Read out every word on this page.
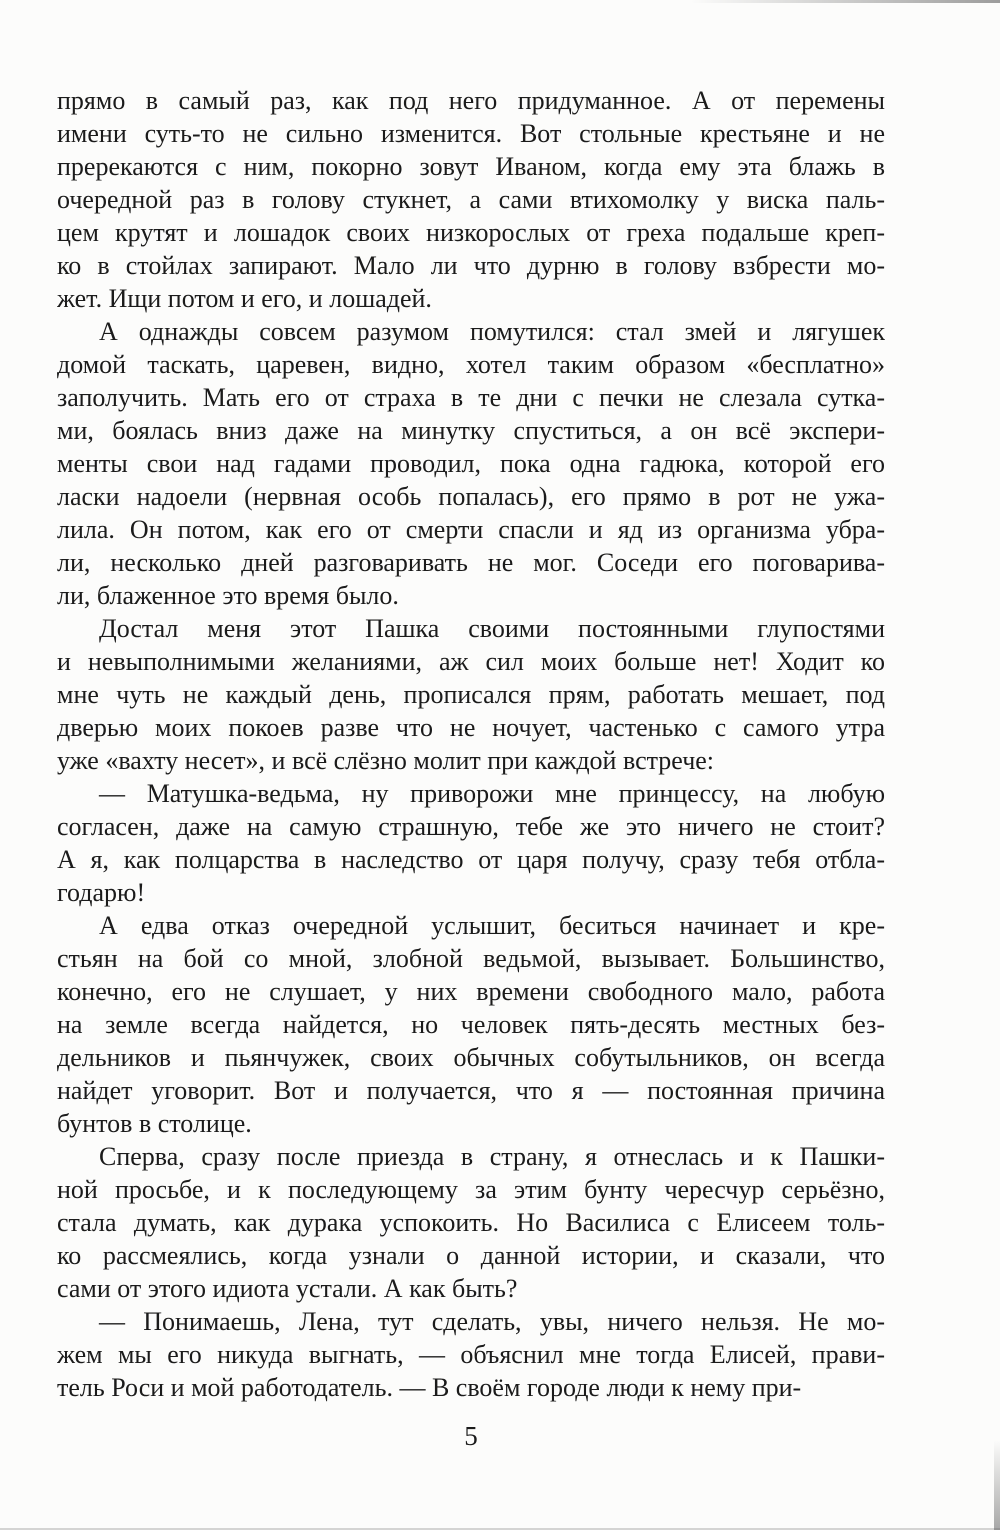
прямо в самый раз, как под него придуманное. А от перемены
имени суть-то не сильно изменится. Вот стольные крестьяне и не
пререкаются с ним, покорно зовут Иваном, когда ему эта блажь в
очередной раз в голову стукнет, а сами втихомолку у виска паль-
цем крутят и лошадок своих низкорослых от греха подальше креп-
ко в стойлах запирают. Мало ли что дурню в голову взбрести мо-
жет. Ищи потом и его, и лошадей.
А однажды совсем разумом помутился: стал змей и лягушек
домой таскать, царевен, видно, хотел таким образом «бесплатно»
заполучить. Мать его от страха в те дни с печки не слезала сутка-
ми, боялась вниз даже на минутку спуститься, а он всё экспери-
менты свои над гадами проводил, пока одна гадюка, которой его
ласки надоели (нервная особь попалась), его прямо в рот не ужа-
лила. Он потом, как его от смерти спасли и яд из организма убра-
ли, несколько дней разговаривать не мог. Соседи его поговарива-
ли, блаженное это время было.
Достал меня этот Пашка своими постоянными глупостями
и невыполнимыми желаниями, аж сил моих больше нет! Ходит ко
мне чуть не каждый день, прописался прям, работать мешает, под
дверью моих покоев разве что не ночует, частенько с самого утра
уже «вахту несет», и всё слёзно молит при каждой встрече:
— Матушка-ведьма, ну приворожи мне принцессу, на любую
согласен, даже на самую страшную, тебе же это ничего не стоит?
А я, как полцарства в наследство от царя получу, сразу тебя отбла-
годарю!
А едва отказ очередной услышит, беситься начинает и кре-
стьян на бой со мной, злобной ведьмой, вызывает. Большинство,
конечно, его не слушает, у них времени свободного мало, работа
на земле всегда найдется, но человек пять-десять местных без-
дельников и пьянчужек, своих обычных собутыльников, он всегда
найдет уговорит. Вот и получается, что я — постоянная причина
бунтов в столице.
Сперва, сразу после приезда в страну, я отнеслась и к Пашки-
ной просьбе, и к последующему за этим бунту чересчур серьёзно,
стала думать, как дурака успокоить. Но Василиса с Елисеем толь-
ко рассмеялись, когда узнали о данной истории, и сказали, что
сами от этого идиота устали. А как быть?
— Понимаешь, Лена, тут сделать, увы, ничего нельзя. Не мо-
жем мы его никуда выгнать, — объяснил мне тогда Елисей, прави-
тель Роси и мой работодатель. — В своём городе люди к нему при-
5
